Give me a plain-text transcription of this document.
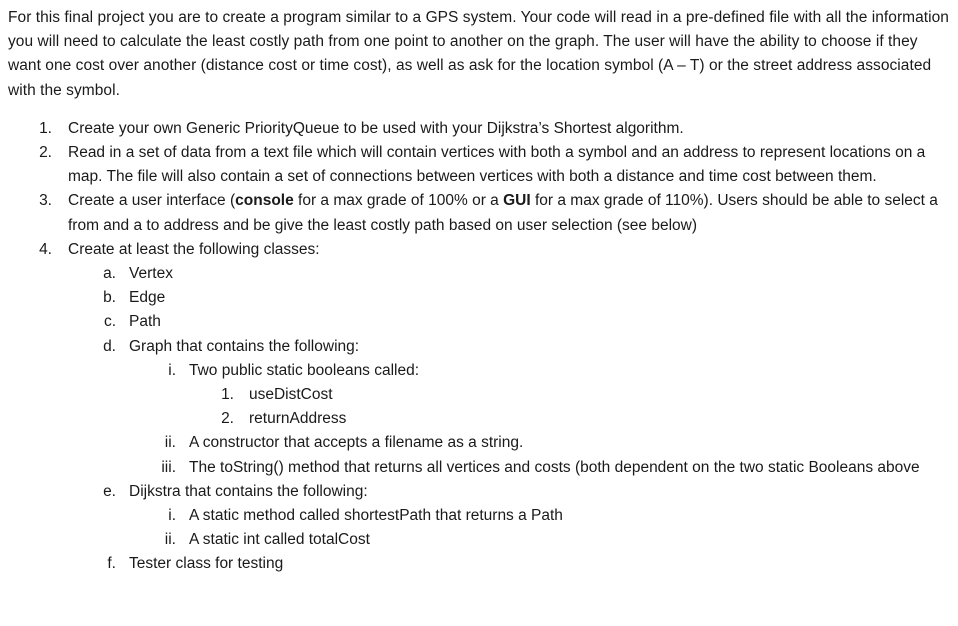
For this final project you are to create a program similar to a GPS system. Your code will read in a pre-defined file with all the information you will need to calculate the least costly path from one point to another on the graph. The user will have the ability to choose if they want one cost over another (distance cost or time cost), as well as ask for the location symbol (A – T) or the street address associated with the symbol.

1. Create your own Generic PriorityQueue to be used with your Dijkstra’s Shortest algorithm.
2. Read in a set of data from a text file which will contain vertices with both a symbol and an address to represent locations on a map. The file will also contain a set of connections between vertices with both a distance and time cost between them.
3. Create a user interface (console for a max grade of 100% or a GUI for a max grade of 110%). Users should be able to select a from and a to address and be give the least costly path based on user selection (see below)
4. Create at least the following classes:
a. Vertex
b. Edge
c. Path
d. Graph that contains the following:
i. Two public static booleans called:
1. useDistCost
2. returnAddress
ii. A constructor that accepts a filename as a string.
iii. The toString() method that returns all vertices and costs (both dependent on the two static Booleans above
e. Dijkstra that contains the following:
i. A static method called shortestPath that returns a Path
ii. A static int called totalCost
f. Tester class for testing
